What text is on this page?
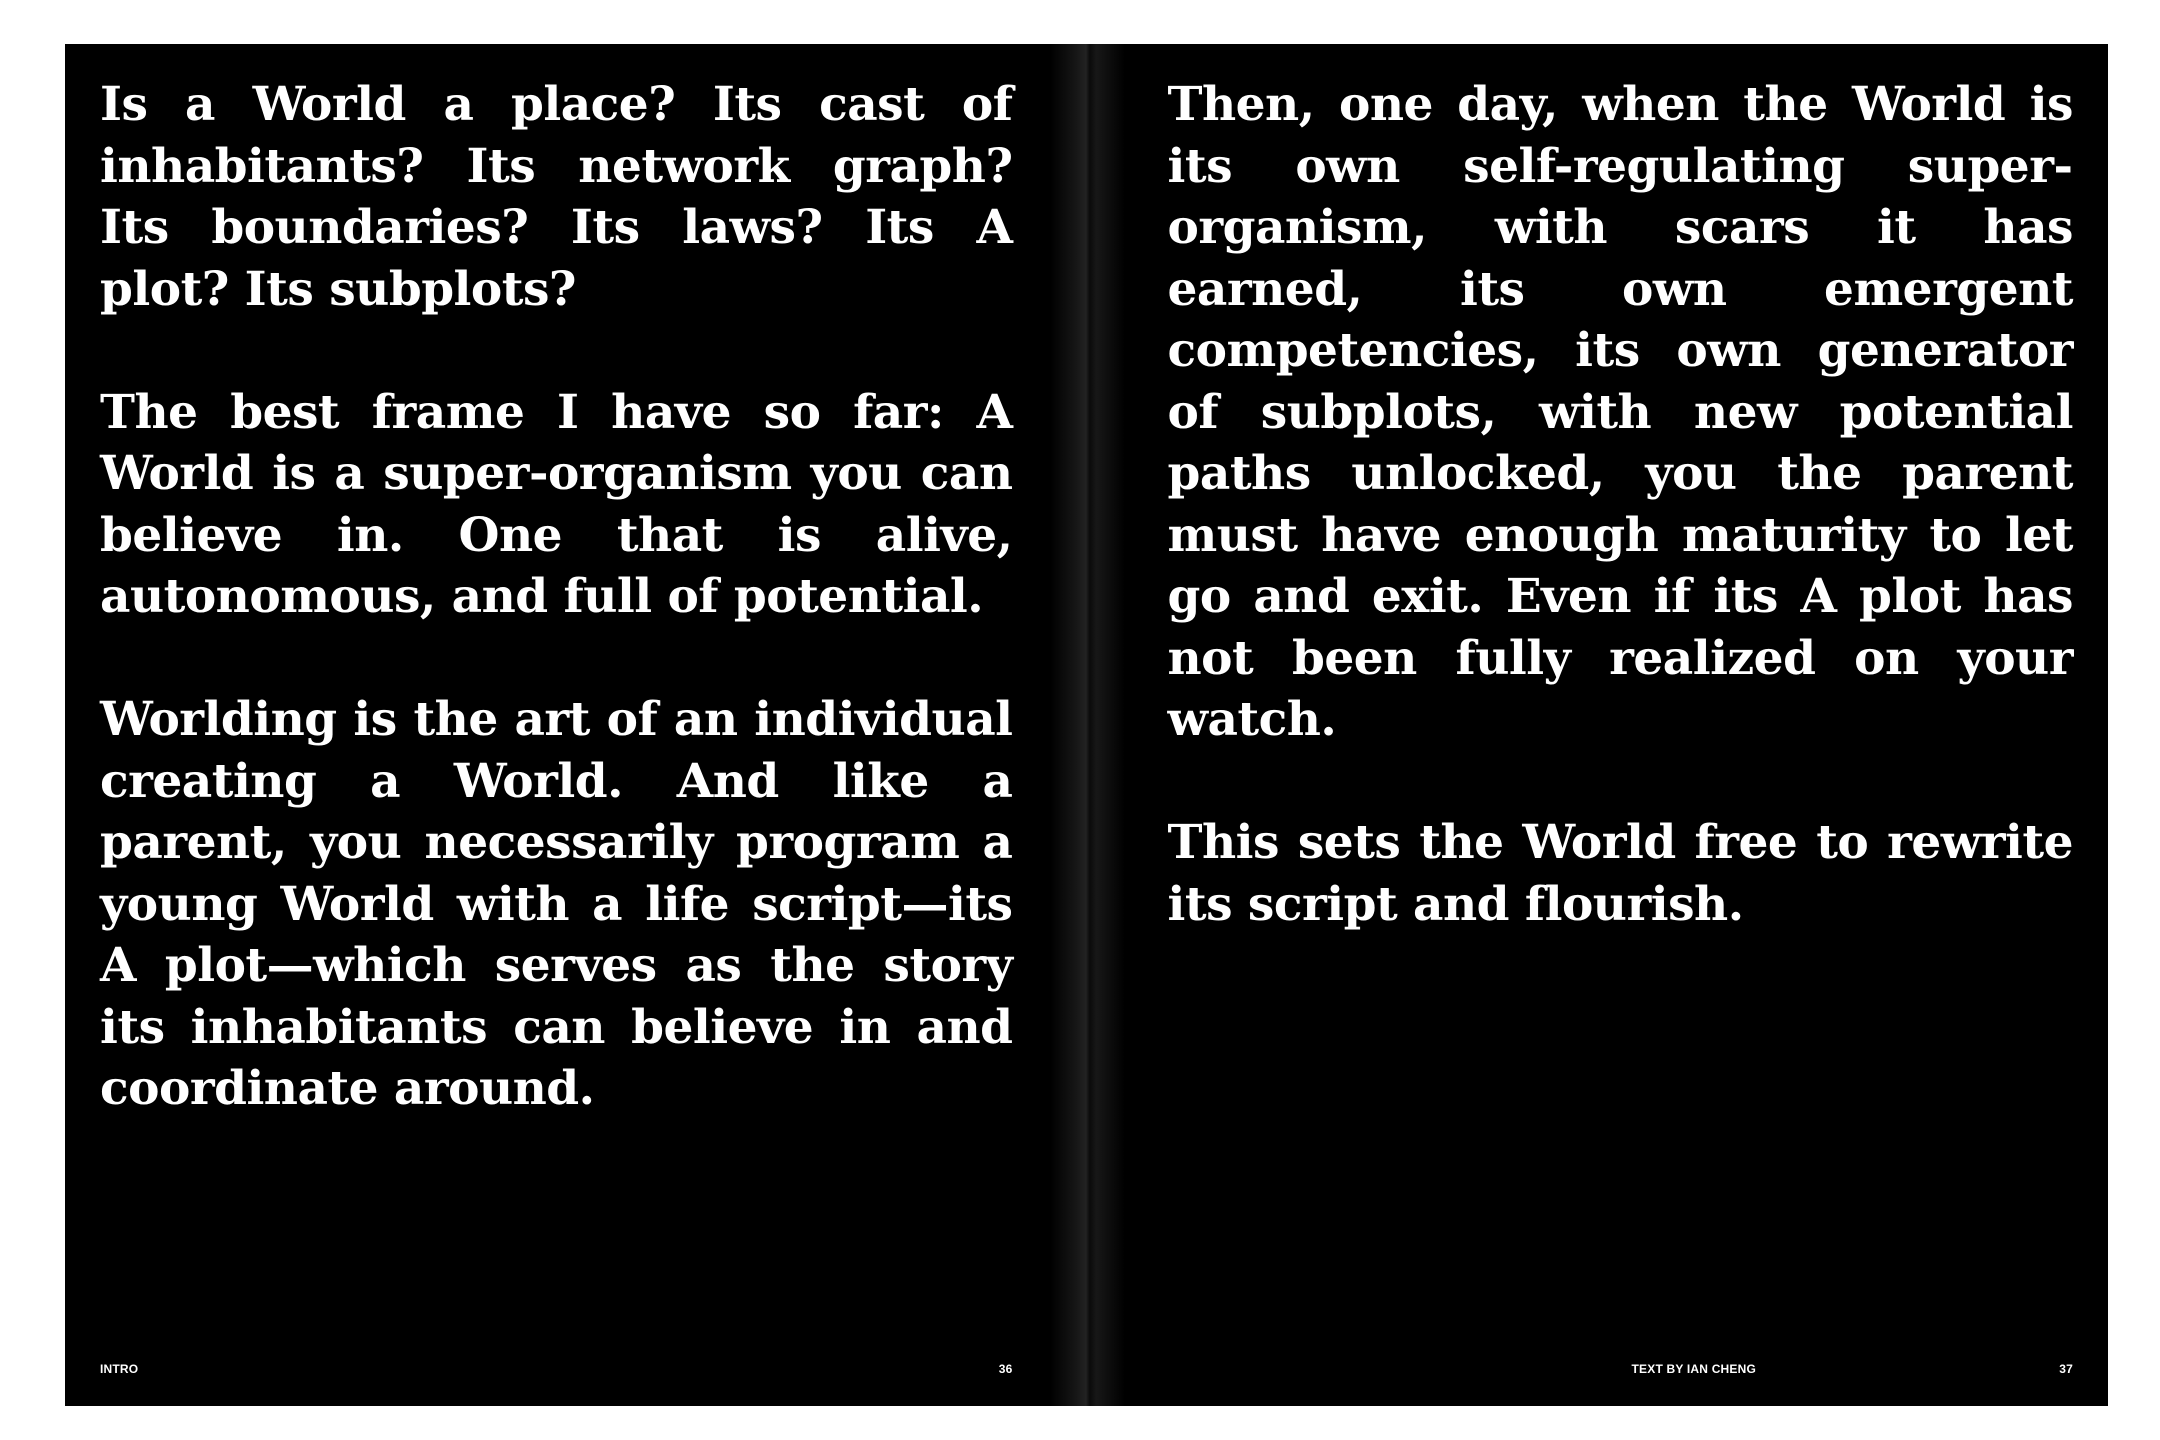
Is a World a place? Its cast of inhabitants? Its network graph? Its boundaries? Its laws? Its A plot? Its subplots?

The best frame I have so far: A World is a super-organism you can believe in. One that is alive, autonomous, and full of potential.

Worlding is the art of an individual creating a World. And like a parent, you necessarily program a young World with a life script—its A plot—which serves as the story its inhabitants can believe in and coordinate around.

INTRO	36

Then, one day, when the World is its own self-regulating superorganism, with scars it has earned, its own emergent competencies, its own generator of subplots, with new potential paths unlocked, you the parent must have enough maturity to let go and exit. Even if its A plot has not been fully realized on your watch.

This sets the World free to rewrite its script and flourish.

TEXT BY IAN CHENG	37
